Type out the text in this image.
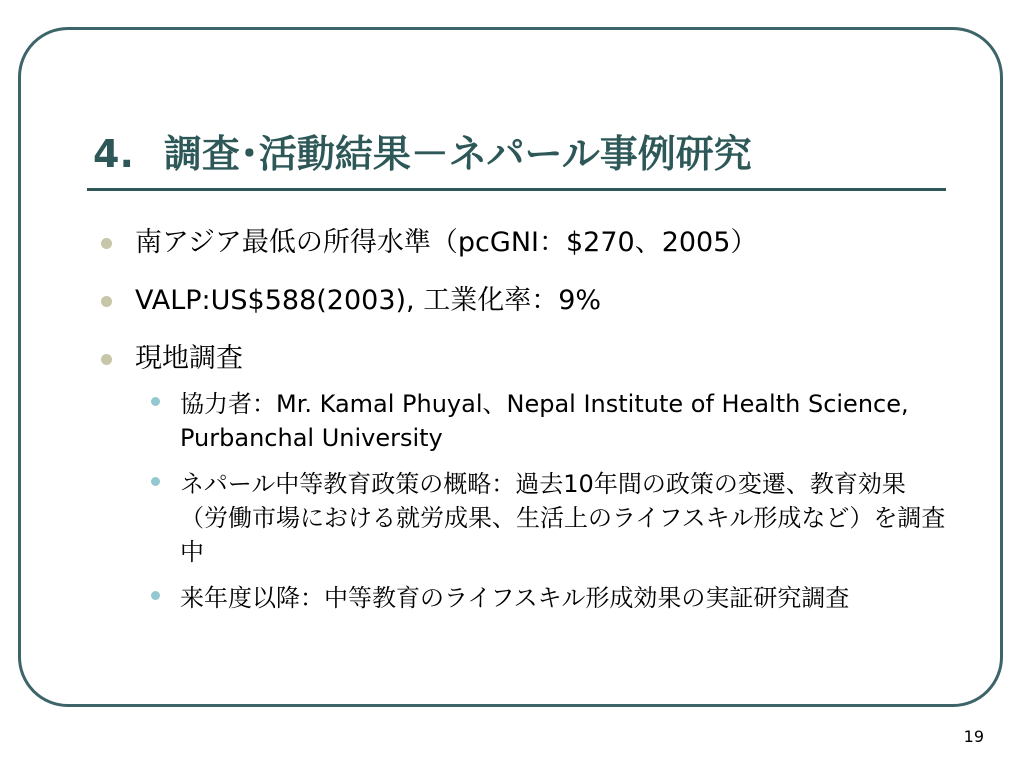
4. 調査･活動結果－ネパール事例研究
南アジア最低の所得水準（pcGNI：$270、2005）
VALP:US$588(2003), 工業化率：9%
現地調査
協力者：Mr. Kamal Phuyal、Nepal Institute of Health Science, Purbanchal University
ネパール中等教育政策の概略：過去10年間の政策の変遷、教育効果（労働市場における就労成果、生活上のライフスキル形成など）を調査中
来年度以降：中等教育のライフスキル形成効果の実証研究調査
19
